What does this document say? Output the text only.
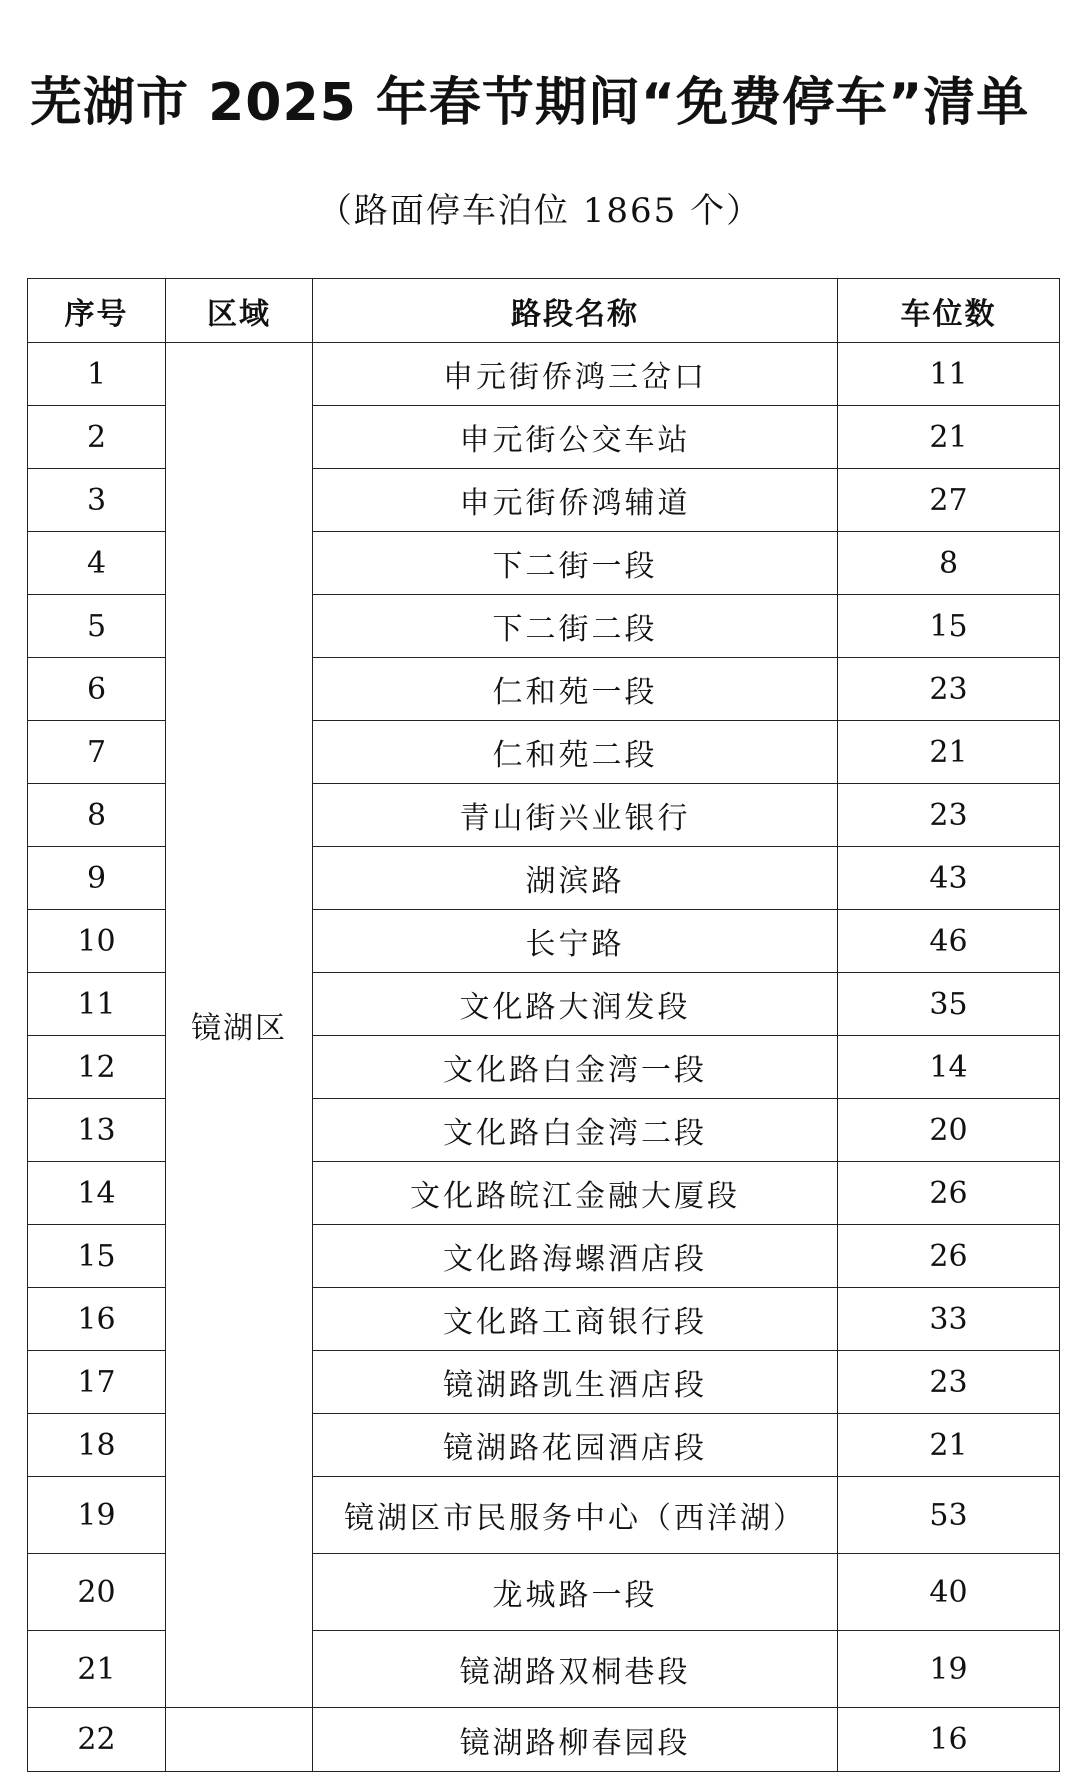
芜湖市 2025 年春节期间“免费停车”清单
（路面停车泊位 1865 个）
序号	区域	路段名称	车位数
1	镜湖区	申元街侨鸿三岔口	11
2		申元街公交车站	21
3		申元街侨鸿辅道	27
4		下二街一段	8
5		下二街二段	15
6		仁和苑一段	23
7		仁和苑二段	21
8		青山街兴业银行	23
9		湖滨路	43
10		长宁路	46
11		文化路大润发段	35
12		文化路白金湾一段	14
13		文化路白金湾二段	20
14		文化路皖江金融大厦段	26
15		文化路海螺酒店段	26
16		文化路工商银行段	33
17		镜湖路凯生酒店段	23
18		镜湖路花园酒店段	21
19		镜湖区市民服务中心（西洋湖）	53
20		龙城路一段	40
21		镜湖路双桐巷段	19
22		镜湖路柳春园段	16
